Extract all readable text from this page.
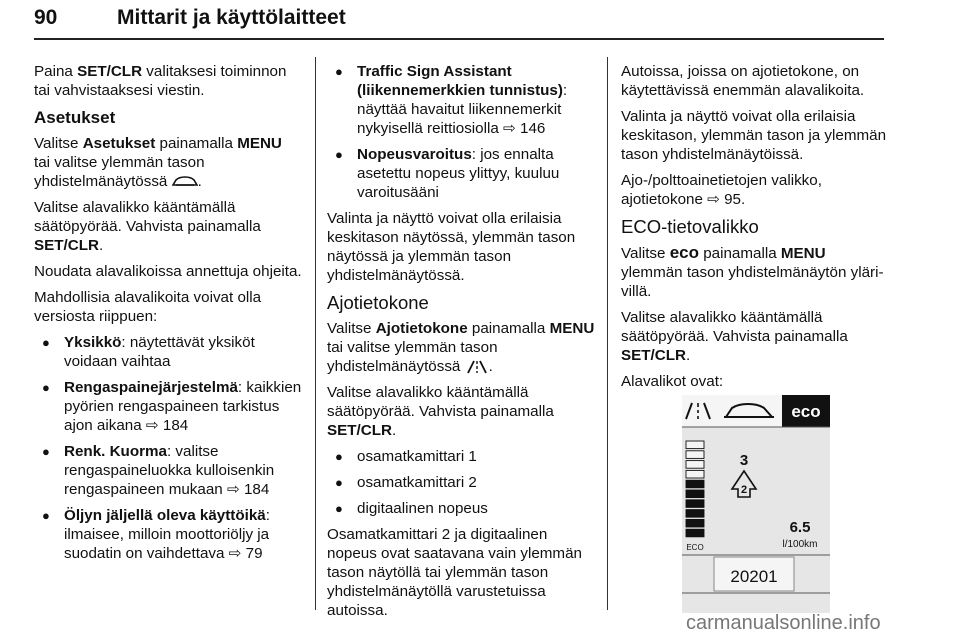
90	Mittarit ja käyttölaitteet

Paina SET/CLR valitaksesi toiminnon tai vahvistaaksesi viestin.

Asetukset

Valitse Asetukset painamalla MENU tai valitse ylemmän tason yhdistelmänäytössä .

Valitse alavalikko kääntämällä säätöpyörää. Vahvista painamalla SET/CLR.

Noudata alavalikoissa annettuja ohjeita.

Mahdollisia alavalikoita voivat olla versiosta riippuen:

● Yksikkö: näytettävät yksiköt voidaan vaihtaa
● Rengaspainejärjestelmä: kaikkien pyörien rengaspaineen tarkistus ajon aikana ⇨ 184
● Renk. Kuorma: valitse rengaspaineluokka kulloisenkin rengaspaineen mukaan ⇨ 184
● Öljyn jäljellä oleva käyttöikä: ilmaisee, milloin moottoriöljy ja suodatin on vaihdettava ⇨ 79
● Traffic Sign Assistant (liikennemerkkien tunnistus): näyttää havaitut liikennemerkit nykyisellä reittiosiolla ⇨ 146
● Nopeusvaroitus: jos ennalta asetettu nopeus ylittyy, kuuluu varoitusääni

Valinta ja näyttö voivat olla erilaisia keskitason näytössä, ylemmän tason näytössä ja ylemmän tason yhdistelmänäytössä.

Ajotietokone

Valitse Ajotietokone painamalla MENU tai valitse ylemmän tason yhdistelmänäytössä .

Valitse alavalikko kääntämällä säätöpyörää. Vahvista painamalla SET/CLR.

● osamatkamittari 1
● osamatkamittari 2
● digitaalinen nopeus

Osamatkamittari 2 ja digitaalinen nopeus ovat saatavana vain ylemmän tason näytöllä tai ylemmän tason yhdistelmänäytöllä varustetuissa autoissa.

Autoissa, joissa on ajotietokone, on käytettävissä enemmän alavalikoita.

Valinta ja näyttö voivat olla erilaisia keskitason, ylemmän tason ja ylemmän tason yhdistelmänäytöissä.

Ajo-/polttoainetietojen valikko, ajotietokone ⇨ 95.

ECO-tietovalikko

Valitse eco painamalla MENU ylemmän tason yhdistelmänäytön yläri-villä.

Valitse alavalikko kääntämällä säätöpyörää. Vahvista painamalla SET/CLR.

Alavalikot ovat:

eco
ECO
3
2
6.5
l/100km
20201
carmanualsonline.info
